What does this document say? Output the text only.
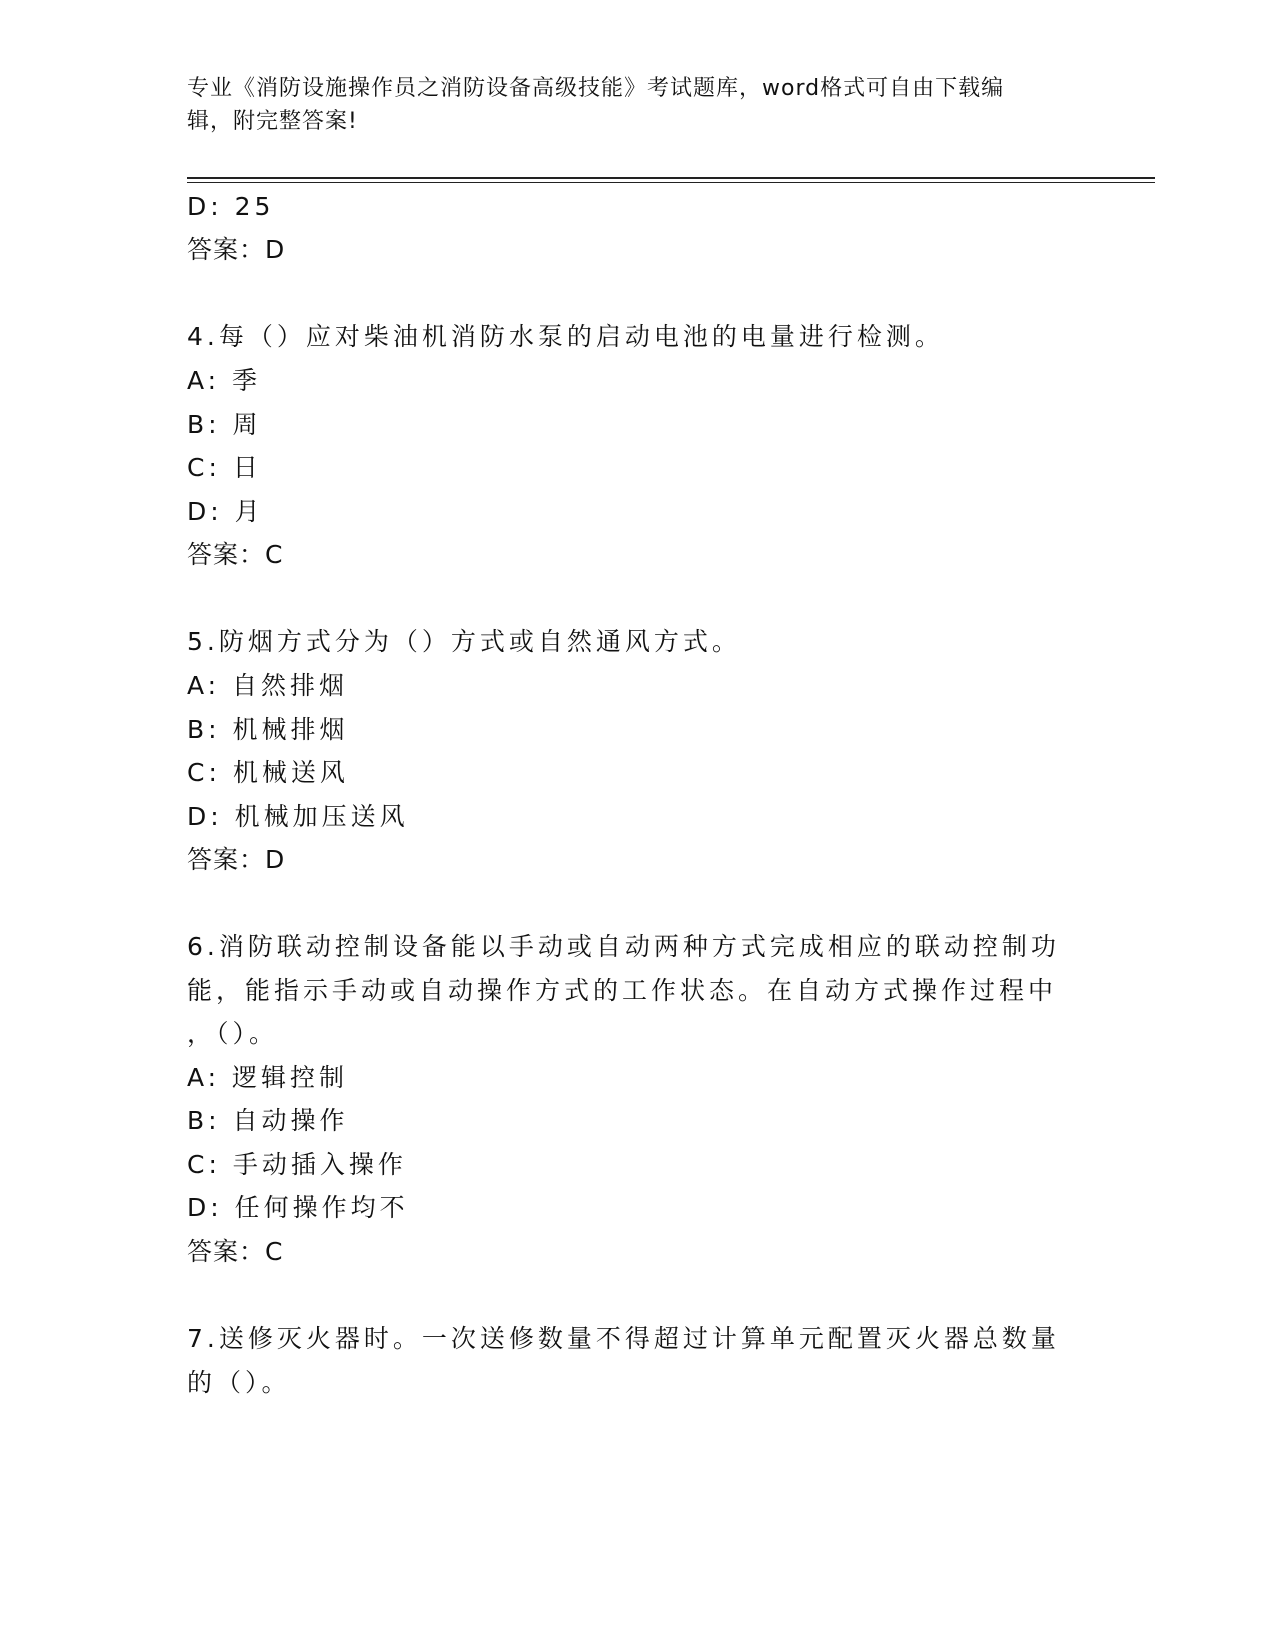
专业《消防设施操作员之消防设备高级技能》考试题库，word格式可自由下载编
辑，附完整答案!
D: 25
答案：D
4.每（）应对柴油机消防水泵的启动电池的电量进行检测。
A: 季
B: 周
C: 日
D: 月
答案：C
5.防烟方式分为（）方式或自然通风方式。
A: 自然排烟
B: 机械排烟
C: 机械送风
D: 机械加压送风
答案：D
6.消防联动控制设备能以手动或自动两种方式完成相应的联动控制功
能，能指示手动或自动操作方式的工作状态。在自动方式操作过程中
，（）。
A: 逻辑控制
B: 自动操作
C: 手动插入操作
D: 任何操作均不
答案：C
7.送修灭火器时。一次送修数量不得超过计算单元配置灭火器总数量
的（）。
